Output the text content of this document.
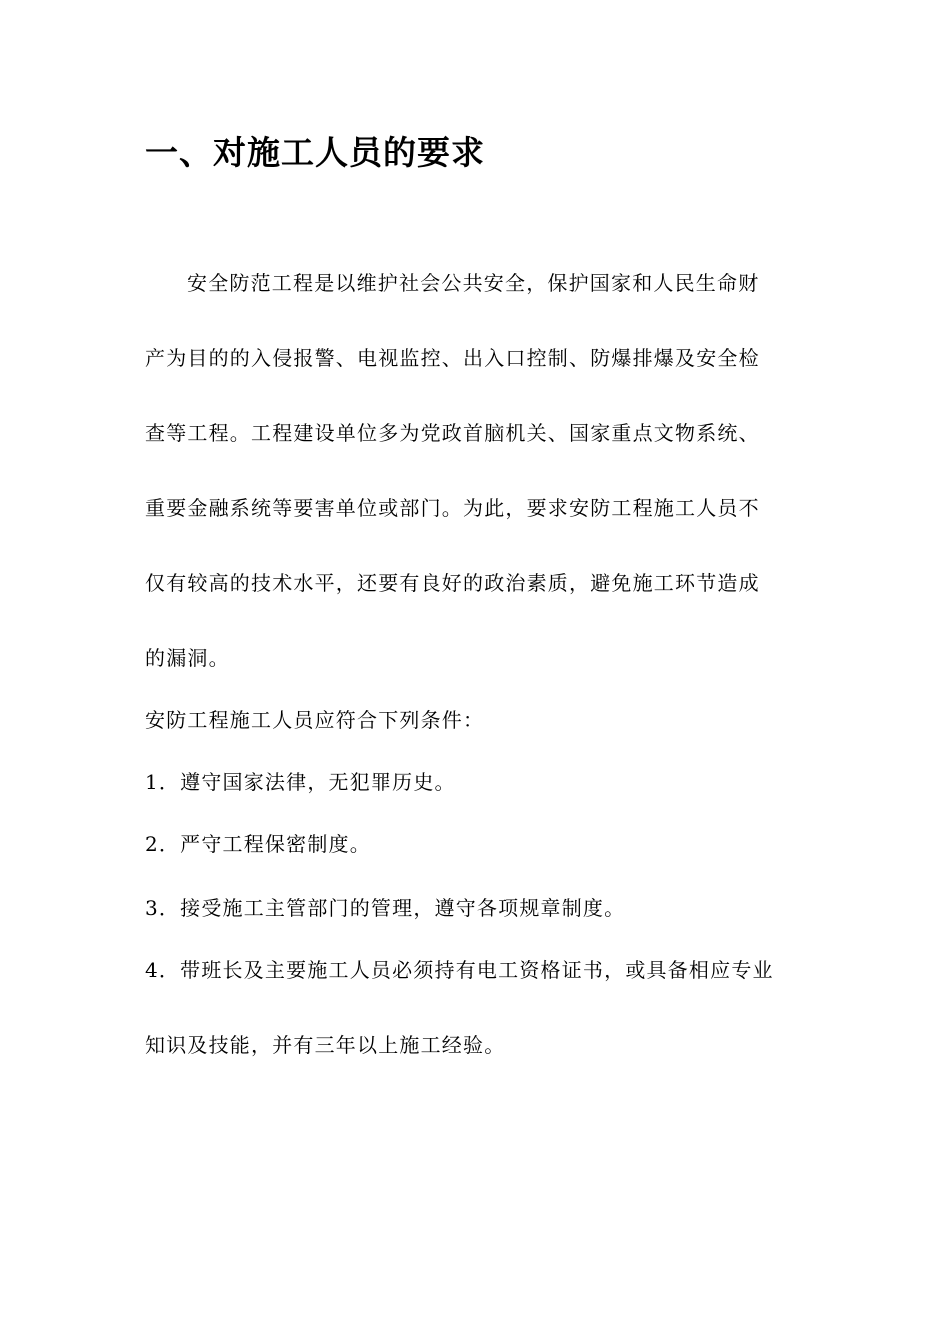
一、对施工人员的要求

安全防范工程是以维护社会公共安全，保护国家和人民生命财

产为目的的入侵报警、电视监控、出入口控制、防爆排爆及安全检

查等工程。工程建设单位多为党政首脑机关、国家重点文物系统、

重要金融系统等要害单位或部门。为此，要求安防工程施工人员不

仅有较高的技术水平，还要有良好的政治素质，避免施工环节造成

的漏洞。

安防工程施工人员应符合下列条件：

1．遵守国家法律，无犯罪历史。

2．严守工程保密制度。

3．接受施工主管部门的管理，遵守各项规章制度。

4．带班长及主要施工人员必须持有电工资格证书，或具备相应专业

知识及技能，并有三年以上施工经验。
